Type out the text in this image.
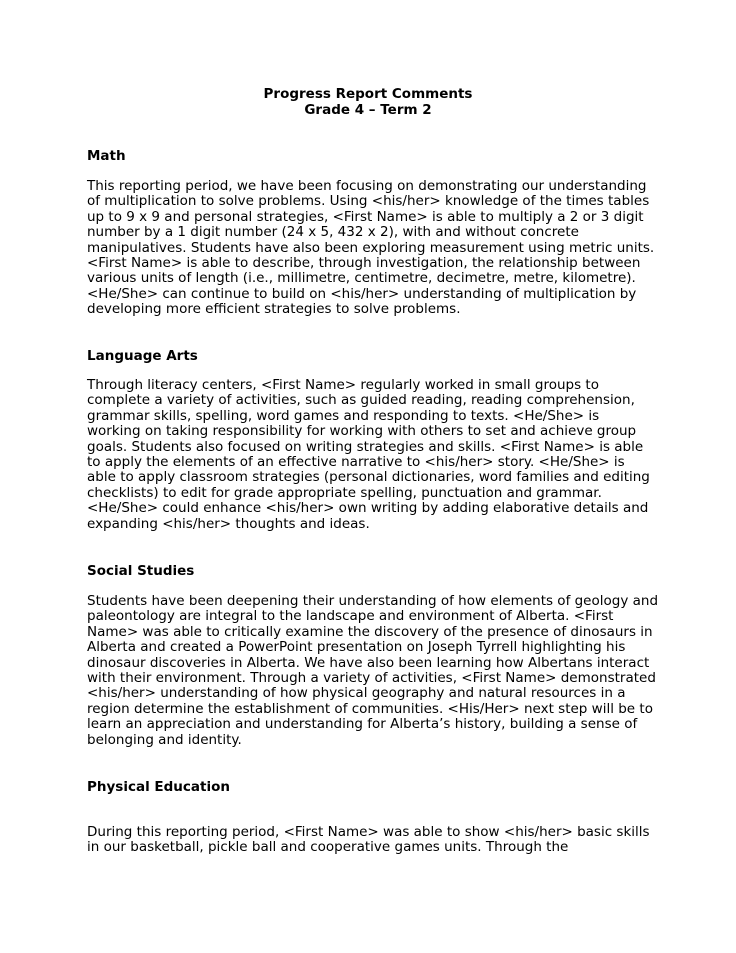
Progress Report Comments
Grade 4 – Term 2
Math
This reporting period, we have been focusing on demonstrating our understanding
of multiplication to solve problems. Using <his/her> knowledge of the times tables
up to 9 x 9 and personal strategies, <First Name> is able to multiply a 2 or 3 digit
number by a 1 digit number (24 x 5, 432 x 2), with and without concrete
manipulatives. Students have also been exploring measurement using metric units.
<First Name> is able to describe, through investigation, the relationship between
various units of length (i.e., millimetre, centimetre, decimetre, metre, kilometre).
<He/She> can continue to build on <his/her> understanding of multiplication by
developing more efficient strategies to solve problems.
Language Arts
Through literacy centers, <First Name> regularly worked in small groups to
complete a variety of activities, such as guided reading, reading comprehension,
grammar skills, spelling, word games and responding to texts. <He/She> is
working on taking responsibility for working with others to set and achieve group
goals. Students also focused on writing strategies and skills. <First Name> is able
to apply the elements of an effective narrative to <his/her> story. <He/She> is
able to apply classroom strategies (personal dictionaries, word families and editing
checklists) to edit for grade appropriate spelling, punctuation and grammar.
<He/She> could enhance <his/her> own writing by adding elaborative details and
expanding <his/her> thoughts and ideas.
Social Studies
Students have been deepening their understanding of how elements of geology and
paleontology are integral to the landscape and environment of Alberta. <First
Name> was able to critically examine the discovery of the presence of dinosaurs in
Alberta and created a PowerPoint presentation on Joseph Tyrrell highlighting his
dinosaur discoveries in Alberta. We have also been learning how Albertans interact
with their environment. Through a variety of activities, <First Name> demonstrated
<his/her> understanding of how physical geography and natural resources in a
region determine the establishment of communities. <His/Her> next step will be to
learn an appreciation and understanding for Alberta’s history, building a sense of
belonging and identity.
Physical Education
During this reporting period, <First Name> was able to show <his/her> basic skills
in our basketball, pickle ball and cooperative games units. Through the
